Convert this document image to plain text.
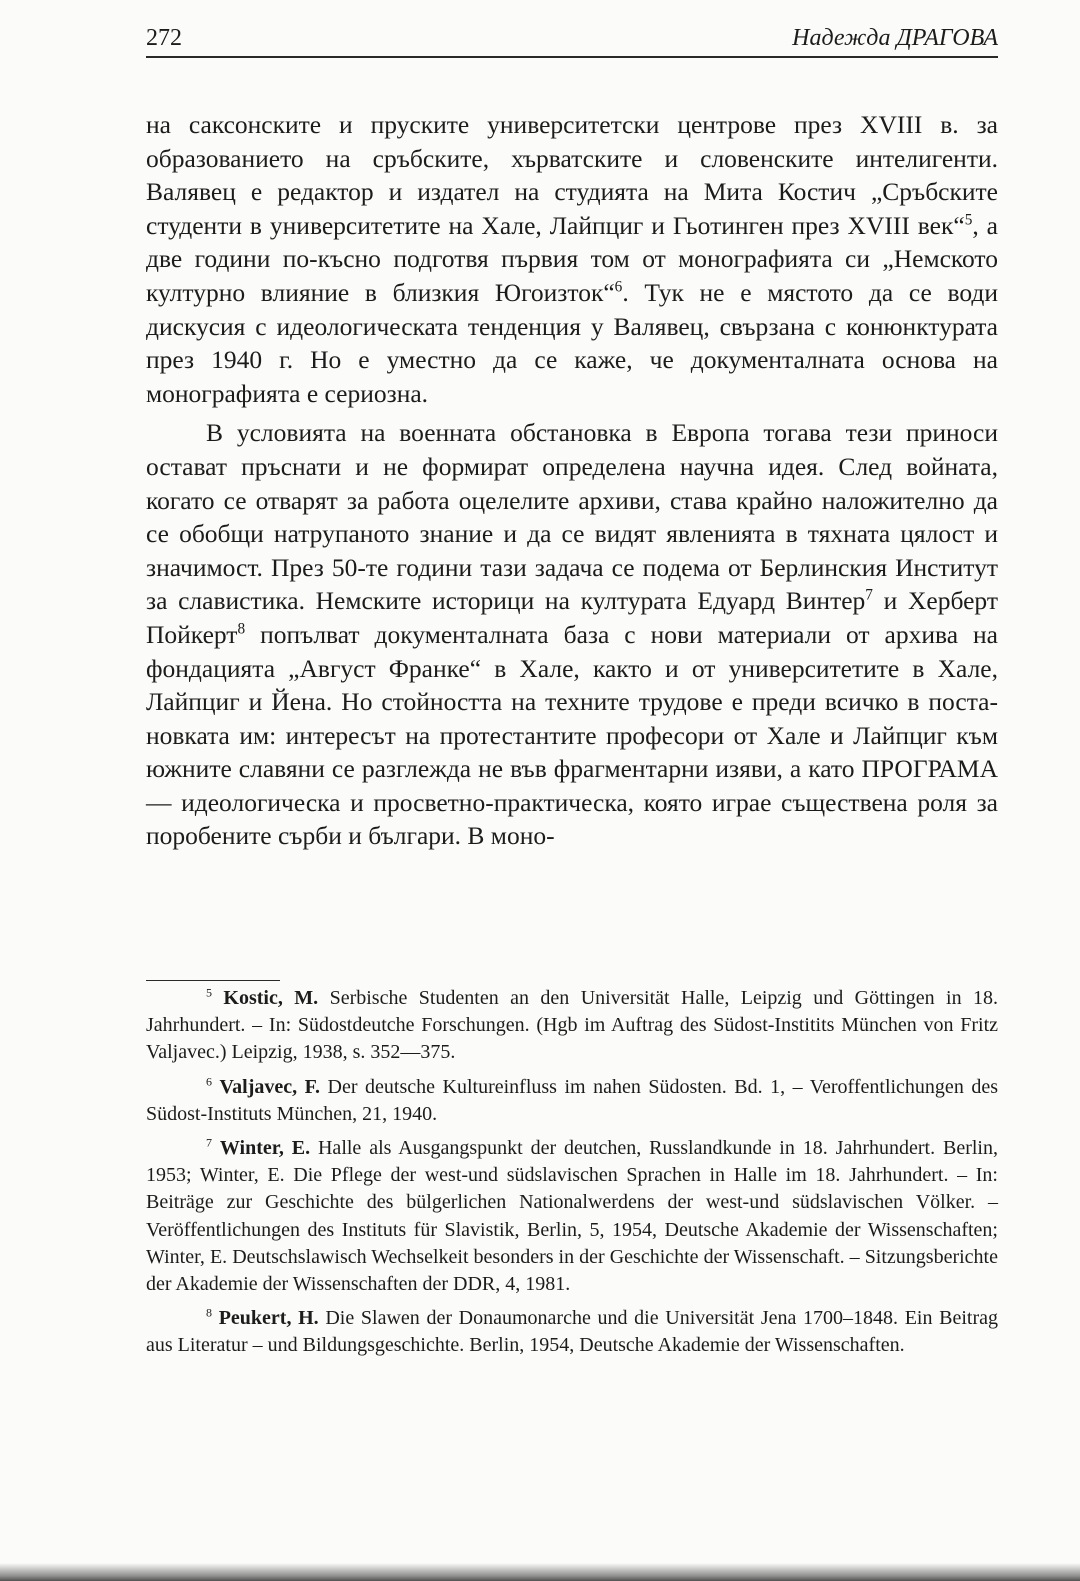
272	Надежда ДРАГОВА

на саксонските и пруските университетски центрове през XVIII в. за образованието на сръбските, хърватските и словенските интелигенти. Валявец е редактор и издател на студията на Мита Костич „Сръбските студенти в университетите на Хале, Лайпциг и Гьотинген през XVIII век“$^5$, а две години по-късно подготвя първия том от монографията си „Немското културно влияние в близкия Югоизток“$^6$. Тук не е мястото да се води дискусия с идеологическата тенденция у Валявец, свързана с конюнктурата през 1940 г. Но е уместно да се каже, че документалната основа на монографията е сериозна.

В условията на военната обстановка в Европа тогава тези приноси остават пръснати и не формират определена научна идея. След войната, когато се отварят за работа оцелелите архиви, става крайно наложително да се обобщи натрупаното знание и да се видят явленията в тяхната цялост и значимост. През 50-те години тази задача се подема от Берлинския Институт за славистика. Немските историци на културата Едуард Винтер$^7$ и Херберт Пойкерт$^8$ попълват документалната база с нови материали от архива на фондацията „Август Франке“ в Хале, както и от университетите в Хале, Лайпциг и Йена. Но стойността на техните трудове е преди всичко в постановката им: интересът на протестантите професори от Хале и Лайпциг към южните славяни се разглежда не във фрагментарни изяви, а като ПРОГРАМА — идеологическа и просветно-практическа, която играе съществена роля за поробените сърби и българи. В моно-

$^5$ Kostic, M. Serbische Studenten an den Universität Halle, Leipzig und Göttingen in 18. Jahrhundert. – In: Südostdeutche Forschungen. (Hgb im Auftrag des Südost-Institits München von Fritz Valjavec.) Leipzig, 1938, s. 352—375.

$^6$ Valjavec, F. Der deutsche Kultureinfluss im nahen Südosten. Bd. 1, – Veroffentlichungen des Südost-Instituts München, 21, 1940.

$^7$ Winter, E. Halle als Ausgangspunkt der deutchen, Russlandkunde in 18. Jahrhundert. Berlin, 1953; Winter, E. Die Pflege der west-und südslavischen Sprachen in Halle im 18. Jahrhundert. – In: Beiträge zur Geschichte des bülgerlichen Nationalwerdens der west-und südslavischen Völker. – Veröffentlichungen des Instituts für Slavistik, Berlin, 5, 1954, Deutsche Akademie der Wissenschaften; Winter, E. Deutschslawisch Wechselkeit besonders in der Geschichte der Wissenschaft. – Sitzungsberichte der Akademie der Wissenschaften der DDR, 4, 1981.

$^8$ Peukert, H. Die Slawen der Donaumonarche und die Universität Jena 1700–1848. Ein Beitrag aus Literatur – und Bildungsgeschichte. Berlin, 1954, Deutsche Akademie der Wissenschaften.
